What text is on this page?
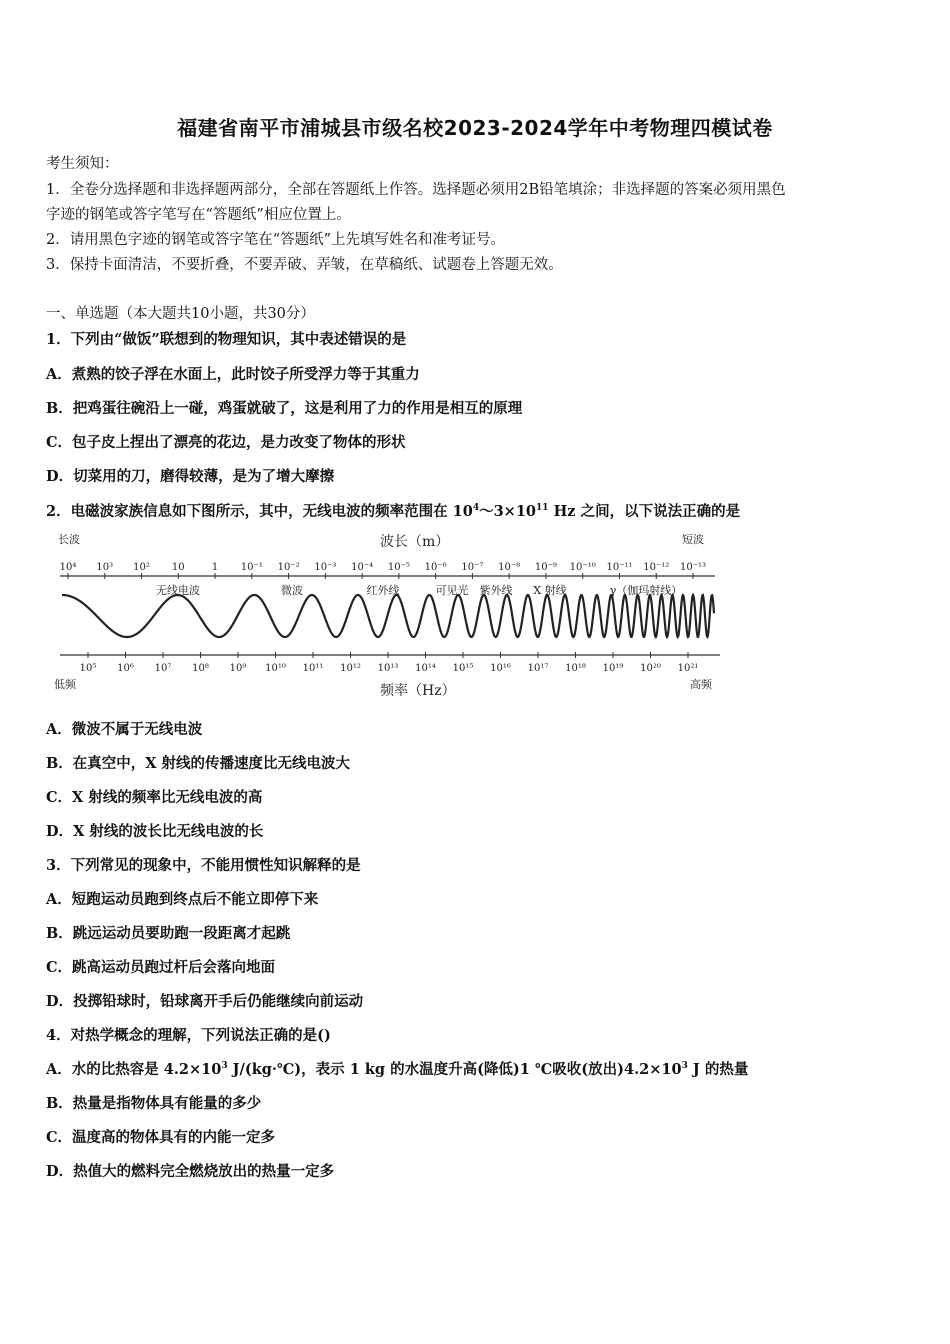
福建省南平市浦城县市级名校2023-2024学年中考物理四模试卷
考生须知：
1．全卷分选择题和非选择题两部分，全部在答题纸上作答。选择题必须用2B铅笔填涂；非选择题的答案必须用黑色
字迹的钢笔或答字笔写在“答题纸”相应位置上。
2．请用黑色字迹的钢笔或答字笔在“答题纸”上先填写姓名和准考证号。
3．保持卡面清洁，不要折叠，不要弄破、弄皱，在草稿纸、试题卷上答题无效。
一、单选题（本大题共10小题，共30分）
1．下列由“做饭”联想到的物理知识，其中表述错误的是
A．煮熟的饺子浮在水面上，此时饺子所受浮力等于其重力
B．把鸡蛋往碗沿上一碰，鸡蛋就破了，这是利用了力的作用是相互的原理
C．包子皮上捏出了漂亮的花边，是力改变了物体的形状
D．切菜用的刀，磨得较薄，是为了增大摩擦
2．电磁波家族信息如下图所示，其中，无线电波的频率范围在 $10^4\sim 3\times 10^{11}$ Hz 之间，以下说法正确的是
长波	短波
波长（m）
10⁴ 10³ 10² 10	1 10⁻¹ 10⁻² 10⁻³ 10⁻⁴ 10⁻⁵ 10⁻⁶ 10⁻⁷ 10⁻⁸ 10⁻⁹ 10⁻¹⁰ 10⁻¹¹ 10⁻¹² 10⁻¹³
无线电波	微波	红外线	可见光 紫外线 X 射线	γ（伽玛射线）
10⁵ 10⁶ 10⁷ 10⁸ 10⁹ 10¹⁰ 10¹¹ 10¹² 10¹³ 10¹⁴ 10¹⁵ 10¹⁶ 10¹⁷ 10¹⁸ 10¹⁹ 10²⁰ 10²¹
低频	高频
频率（Hz）
A．微波不属于无线电波
B．在真空中，X 射线的传播速度比无线电波大
C．X 射线的频率比无线电波的高
D．X 射线的波长比无线电波的长
3．下列常见的现象中，不能用惯性知识解释的是
A．短跑运动员跑到终点后不能立即停下来
B．跳远运动员要助跑一段距离才起跳
C．跳高运动员跑过杆后会落向地面
D．投掷铅球时，铅球离开手后仍能继续向前运动
4．对热学概念的理解，下列说法正确的是()
A．水的比热容是 $4.2\times 10^3$ J/(kg·℃)，表示 1 kg 的水温度升高(降低)1 ℃吸收(放出)$4.2\times 10^3$ J 的热量
B．热量是指物体具有能量的多少
C．温度高的物体具有的内能一定多
D．热值大的燃料完全燃烧放出的热量一定多
